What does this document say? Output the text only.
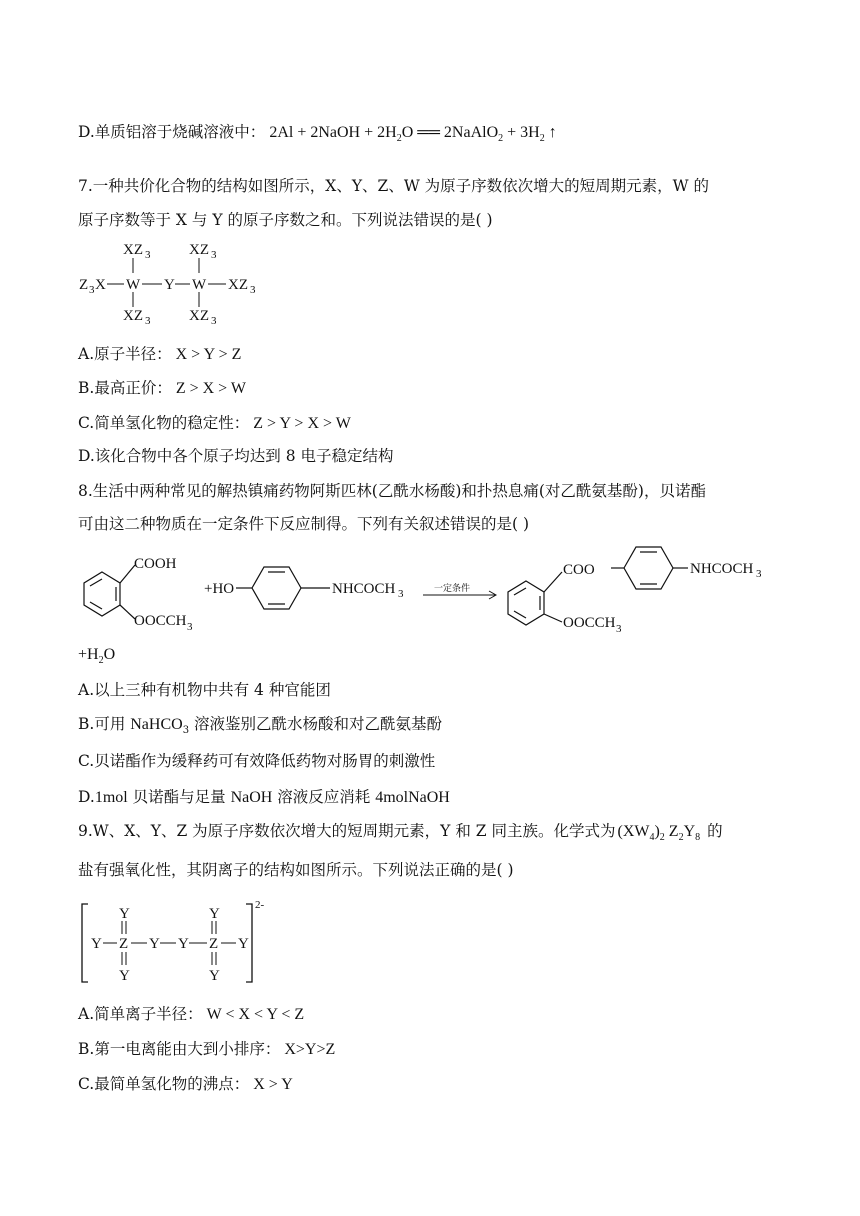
D.单质铝溶于烧碱溶液中： 2Al + 2NaOH + $2H_2O$ ══ 2NaAlO$_2$ + $3H_2$ ↑
7.一种共价化合物的结构如图所示，X、Y、Z、W 为原子序数依次增大的短周期元素，W 的
原子序数等于 X 与 Y 的原子序数之和。下列说法错误的是( )
XZ 3	XZ 3
Z 3 X W Y W XZ 3
XZ 3	XZ 3
A.原子半径： X > Y > Z
B.最高正价： Z > X > W
C.简单氢化物的稳定性： Z > Y > X > W
D.该化合物中各个原子均达到 8 电子稳定结构
8.生活中两种常见的解热镇痛药物阿斯匹林(乙酰水杨酸)和扑热息痛(对乙酰氨基酚)，贝诺酯
可由这二种物质在一定条件下反应制得。下列有关叙述错误的是( )
COOH
OOCCH 3
+HO	NHCOCH 3	一定条件
COO
OOCCH 3
NHCOCH 3
$+H_2O$
A.以上三种有机物中共有 4 种官能团
B.可用 NaHCO$_3$ 溶液鉴别乙酰水杨酸和对乙酰氨基酚
C.贝诺酯作为缓释药可有效降低药物对肠胃的刺激性
D.1mol 贝诺酯与足量 NaOH 溶液反应消耗 4molNaOH
9.W、X、Y、Z 为原子序数依次增大的短周期元素，Y 和 Z 同主族。化学式为 $(XW_4)_2$ $Z_2Y_8$ 的
盐有强氧化性，其阴离子的结构如图所示。下列说法正确的是( )
Y	Y
Y Z Y Y Z Y
Y	Y
2-
A.简单离子半径： W < X < Y < Z
B.第一电离能由大到小排序： X>Y>Z
C.最简单氢化物的沸点： X > Y
